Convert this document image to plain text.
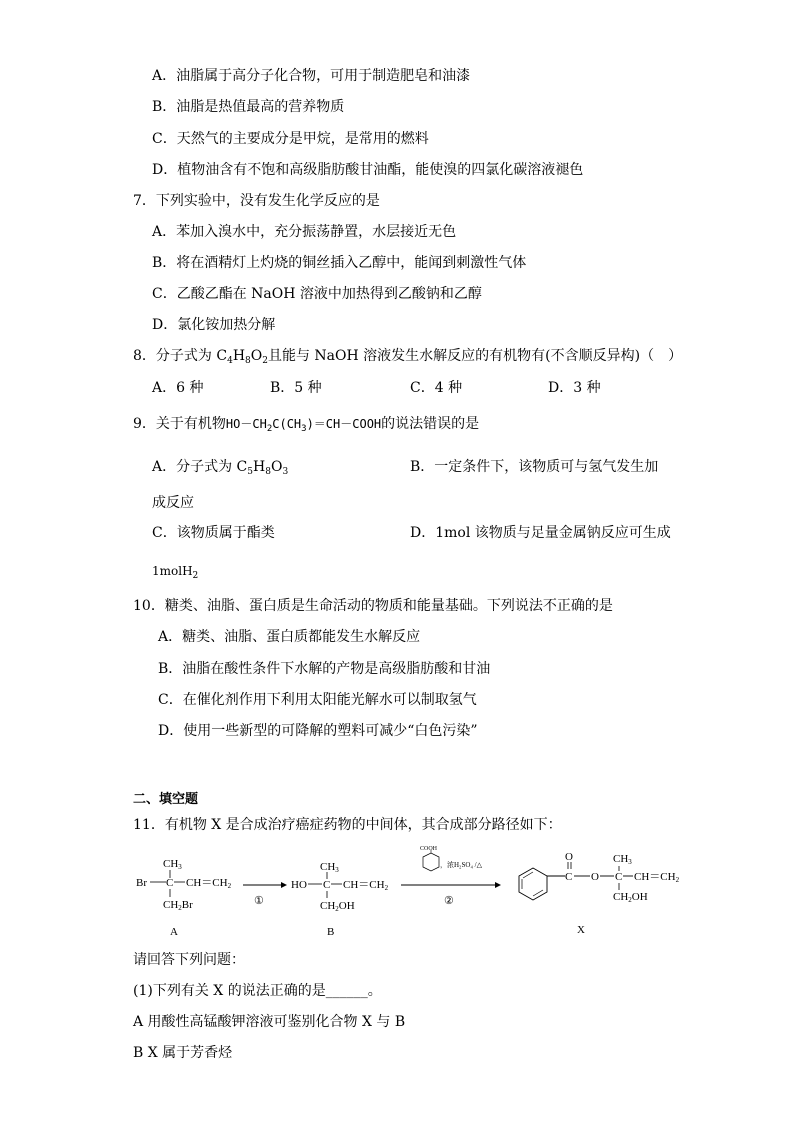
A．油脂属于高分子化合物，可用于制造肥皂和油漆
B．油脂是热值最高的营养物质
C．天然气的主要成分是甲烷，是常用的燃料
D．植物油含有不饱和高级脂肪酸甘油酯，能使溴的四氯化碳溶液褪色
7．下列实验中，没有发生化学反应的是
A．苯加入溴水中，充分振荡静置，水层接近无色
B．将在酒精灯上灼烧的铜丝插入乙醇中，能闻到刺激性气体
C．乙酸乙酯在 NaOH 溶液中加热得到乙酸钠和乙醇
D．氯化铵加热分解
8．分子式为 $C_4H_8O_2$且能与 NaOH 溶液发生水解反应的有机物有(不含顺反异构)（　）
A．6 种	B．5 种	C．4 种	D．3 种
9．关于有机物$HO-CH_2C(CH_3)=CH-COOH$的说法错误的是
A．分子式为 $C_5H_8O_3$	B．一定条件下，该物质可与氢气发生加
成反应
C．该物质属于酯类	D．1mol 该物质与足量金属钠反应可生成
1molH$_2$
10．糖类、油脂、蛋白质是生命活动的物质和能量基础。下列说法不正确的是
A．糖类、油脂、蛋白质都能发生水解反应
B．油脂在酸性条件下水解的产物是高级脂肪酸和甘油
C．在催化剂作用下利用太阳能光解水可以制取氢气
D．使用一些新型的可降解的塑料可减少“白色污染”
二、填空题
11．有机物 X 是合成治疗癌症药物的中间体，其合成部分路径如下：
CH3
Br C CH＝CH2
CH2Br
A
①
CH3
HO C CH＝CH2
CH2OH
B
COOH
，浓H₂SO₄ /△
②
C
O
O C
CH3
CH＝CH2
CH2OH
X
请回答下列问题：
(1)下列有关 X 的说法正确的是______。
A 用酸性高锰酸钾溶液可鉴别化合物 X 与 B
B X 属于芳香烃
